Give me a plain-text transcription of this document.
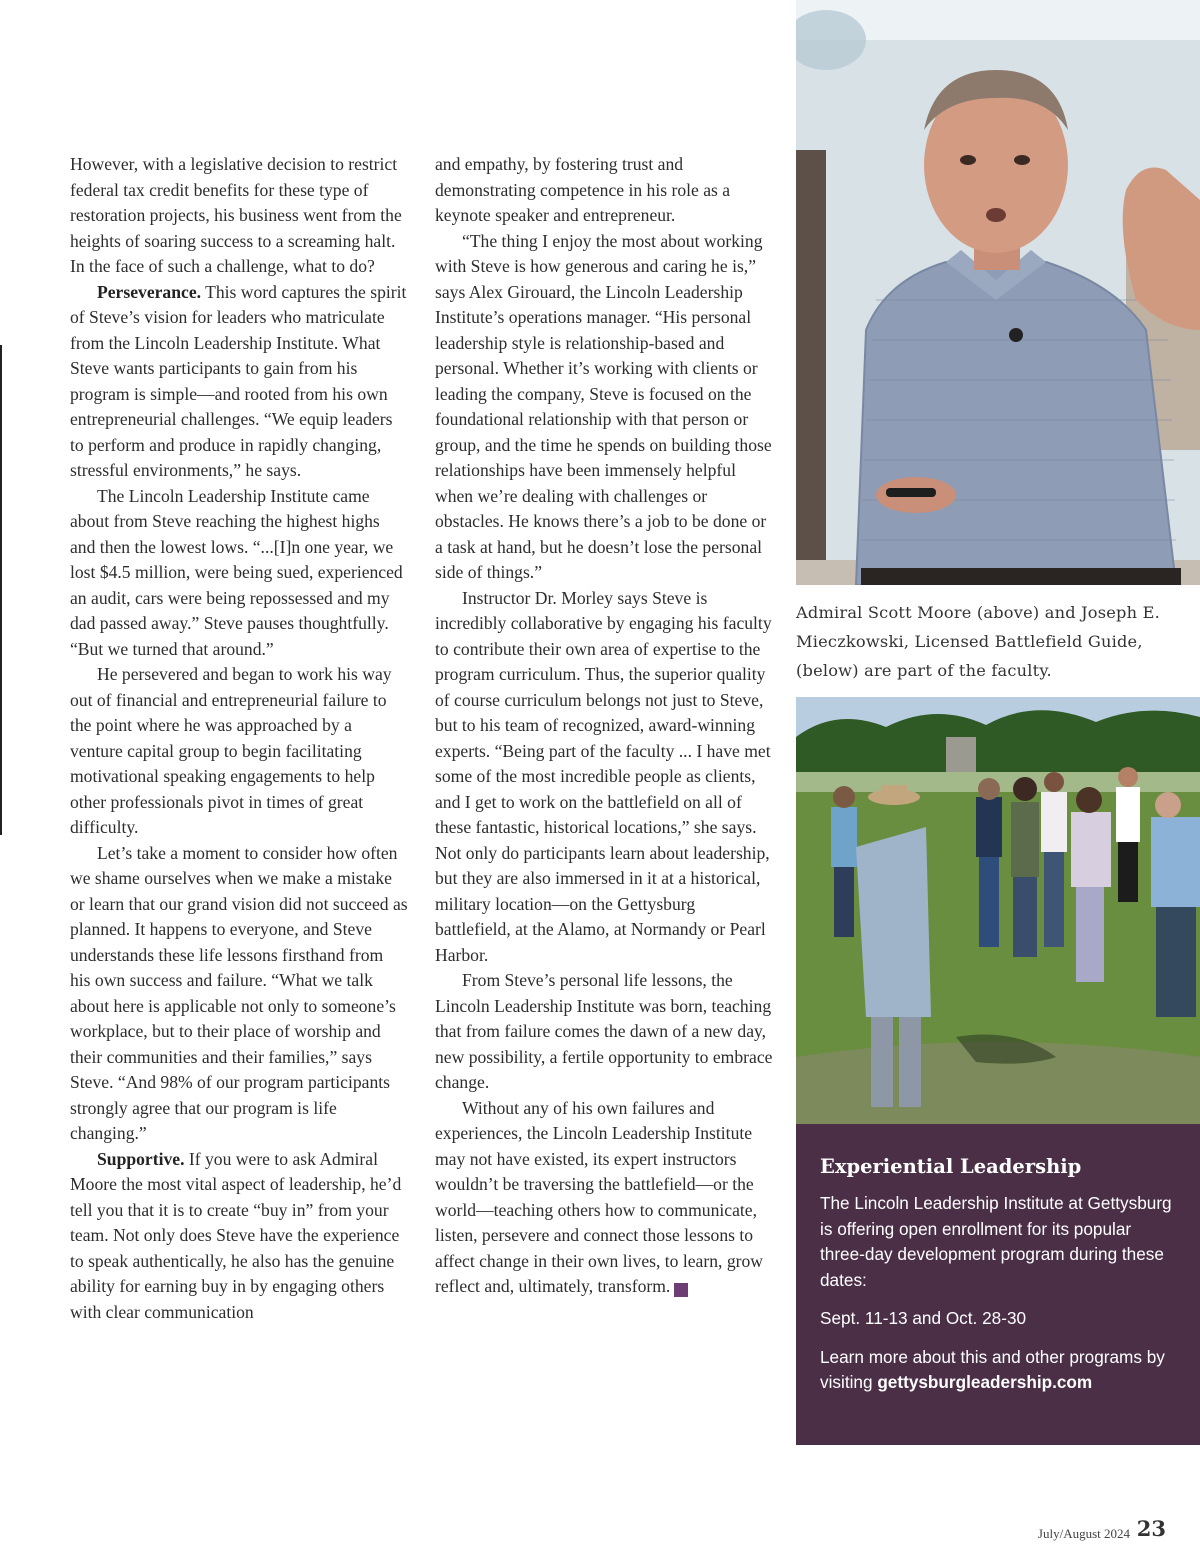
However, with a legislative decision to restrict federal tax credit benefits for these type of restoration projects, his business went from the heights of soaring success to a screaming halt. In the face of such a challenge, what to do?

Perseverance. This word captures the spirit of Steve’s vision for leaders who matriculate from the Lincoln Leadership Institute. What Steve wants participants to gain from his program is simple—and rooted from his own entrepreneurial challenges. “We equip leaders to perform and produce in rapidly changing, stressful environments,” he says.

The Lincoln Leadership Institute came about from Steve reaching the highest highs and then the lowest lows. “...[I]n one year, we lost $4.5 million, were being sued, experienced an audit, cars were being repossessed and my dad passed away.” Steve pauses thoughtfully. “But we turned that around.”

He persevered and began to work his way out of financial and entrepreneurial failure to the point where he was approached by a venture capital group to begin facilitating motivational speaking engagements to help other professionals pivot in times of great difficulty.

Let’s take a moment to consider how often we shame ourselves when we make a mistake or learn that our grand vision did not succeed as planned. It happens to everyone, and Steve understands these life lessons firsthand from his own success and failure. “What we talk about here is applicable not only to someone’s workplace, but to their place of worship and their communities and their families,” says Steve. “And 98% of our program participants strongly agree that our program is life changing.”

Supportive. If you were to ask Admiral Moore the most vital aspect of leadership, he’d tell you that it is to create “buy in” from your team. Not only does Steve have the experience to speak authentically, he also has the genuine ability for earning buy in by engaging others with clear communication

and empathy, by fostering trust and demonstrating competence in his role as a keynote speaker and entrepreneur.

“The thing I enjoy the most about working with Steve is how generous and caring he is,” says Alex Girouard, the Lincoln Leadership Institute’s operations manager. “His personal leadership style is relationship-based and personal. Whether it’s working with clients or leading the company, Steve is focused on the foundational relationship with that person or group, and the time he spends on building those relationships have been immensely helpful when we’re dealing with challenges or obstacles. He knows there’s a job to be done or a task at hand, but he doesn’t lose the personal side of things.”

Instructor Dr. Morley says Steve is incredibly collaborative by engaging his faculty to contribute their own area of expertise to the program curriculum. Thus, the superior quality of course curriculum belongs not just to Steve, but to his team of recognized, award-winning experts. “Being part of the faculty ... I have met some of the most incredible people as clients, and I get to work on the battlefield on all of these fantastic, historical locations,” she says. Not only do participants learn about leadership, but they are also immersed in it at a historical, military location—on the Gettysburg battlefield, at the Alamo, at Normandy or Pearl Harbor.

From Steve’s personal life lessons, the Lincoln Leadership Institute was born, teaching that from failure comes the dawn of a new day, new possibility, a fertile opportunity to embrace change.

Without any of his own failures and experiences, the Lincoln Leadership Institute may not have existed, its expert instructors wouldn’t be traversing the battlefield—or the world—teaching others how to communicate, listen, persevere and connect those lessons to affect change in their own lives, to learn, grow reflect and, ultimately, transform.	G

Admiral Scott Moore (above) and Joseph E. Mieczkowski, Licensed Battlefield Guide, (below) are part of the faculty.
Experiential Leadership

The Lincoln Leadership Institute at Gettysburg is offering open enrollment for its popular three-day development program during these dates:

Sept. 11-13 and Oct. 28-30

Learn more about this and other programs by visiting gettysburgleadership.com

July/August 2024 23
